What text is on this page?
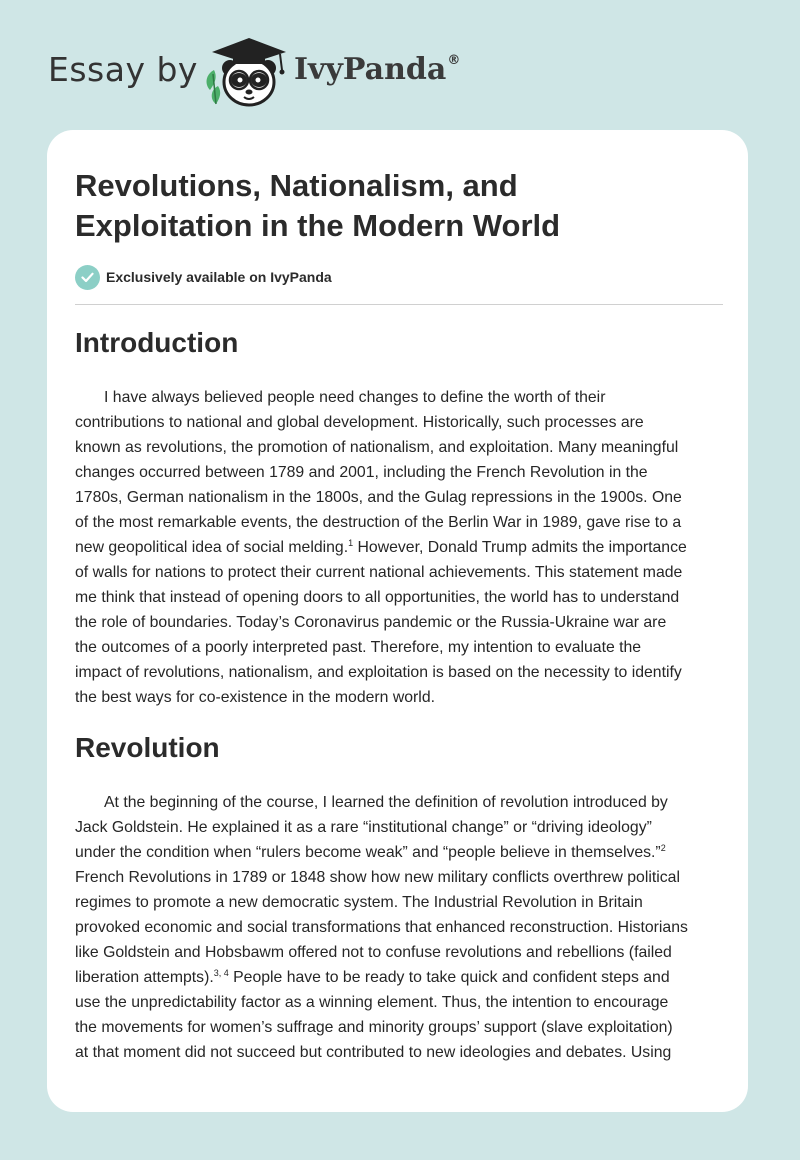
Essay by	IvyPanda®
Revolutions, Nationalism, and
Exploitation in the Modern World
Exclusively available on IvyPanda
Introduction
I have always believed people need changes to define the worth of their
contributions to national and global development. Historically, such processes are
known as revolutions, the promotion of nationalism, and exploitation. Many meaningful
changes occurred between 1789 and 2001, including the French Revolution in the
1780s, German nationalism in the 1800s, and the Gulag repressions in the 1900s. One
of the most remarkable events, the destruction of the Berlin War in 1989, gave rise to a
new geopolitical idea of social melding.$^1$ However, Donald Trump admits the importance
of walls for nations to protect their current national achievements. This statement made
me think that instead of opening doors to all opportunities, the world has to understand
the role of boundaries. Today’s Coronavirus pandemic or the Russia-Ukraine war are
the outcomes of a poorly interpreted past. Therefore, my intention to evaluate the
impact of revolutions, nationalism, and exploitation is based on the necessity to identify
the best ways for co-existence in the modern world.
Revolution
At the beginning of the course, I learned the definition of revolution introduced by
Jack Goldstein. He explained it as a rare “institutional change” or “driving ideology”
under the condition when “rulers become weak” and “people believe in themselves.”$^2$
French Revolutions in 1789 or 1848 show how new military conflicts overthrew political
regimes to promote a new democratic system. The Industrial Revolution in Britain
provoked economic and social transformations that enhanced reconstruction. Historians
like Goldstein and Hobsbawm offered not to confuse revolutions and rebellions (failed
liberation attempts).$^{3, 4}$ People have to be ready to take quick and confident steps and
use the unpredictability factor as a winning element. Thus, the intention to encourage
the movements for women’s suffrage and minority groups’ support (slave exploitation)
at that moment did not succeed but contributed to new ideologies and debates. Using
